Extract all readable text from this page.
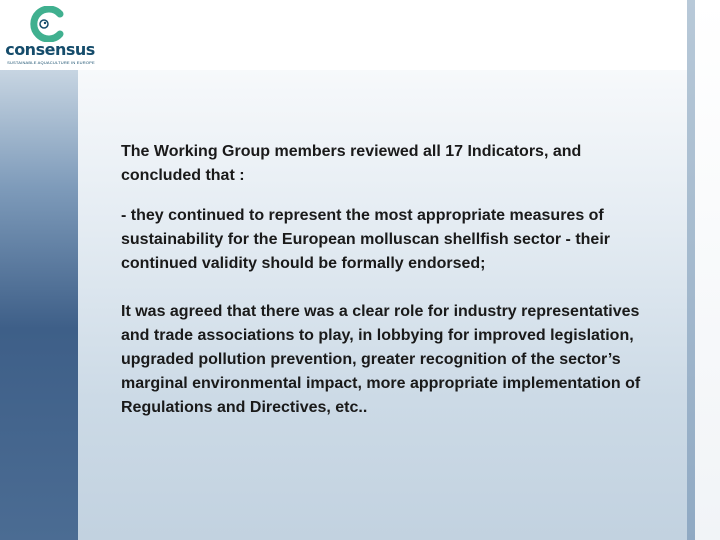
consensus
SUSTAINABLE AQUACULTURE IN EUROPE

The Working Group members reviewed all 17 Indicators, and concluded that :

- they continued to represent the most appropriate measures of sustainability for the European molluscan shellfish sector - their continued validity should be formally endorsed;

It was agreed that there was a clear role for industry representatives and trade associations to play, in lobbying for improved legislation, upgraded pollution prevention, greater recognition of the sector’s marginal environmental impact, more appropriate implementation of Regulations and Directives, etc..
